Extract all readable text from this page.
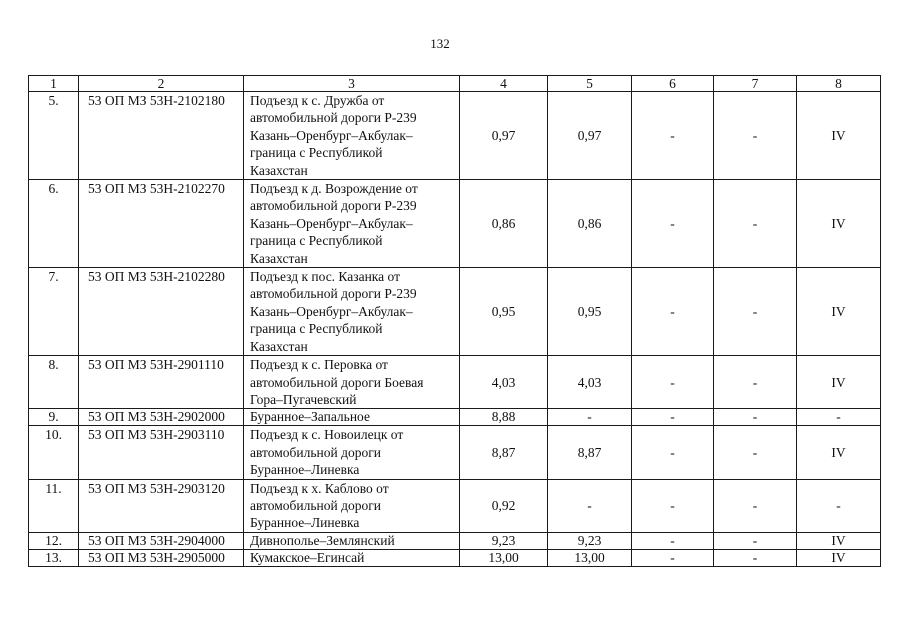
132
1	2	3	4	5	6	7	8
5.	53 ОП МЗ 53Н-2102180	Подъезд к с. Дружба от
автомобильной дороги Р-239
Казань–Оренбург–Акбулак–
граница с Республикой
Казахстан	0,97	0,97	-	-	IV
6.	53 ОП МЗ 53Н-2102270	Подъезд к д. Возрождение от
автомобильной дороги Р-239
Казань–Оренбург–Акбулак–
граница с Республикой
Казахстан	0,86	0,86	-	-	IV
7.	53 ОП МЗ 53Н-2102280	Подъезд к пос. Казанка от
автомобильной дороги Р-239
Казань–Оренбург–Акбулак–
граница с Республикой
Казахстан	0,95	0,95	-	-	IV
8.	53 ОП МЗ 53Н-2901110	Подъезд к с. Перовка от
автомобильной дороги Боевая
Гора–Пугачевский	4,03	4,03	-	-	IV
9.	53 ОП МЗ 53Н-2902000	Буранное–Запальное	8,88	-	-	-	-
10.	53 ОП МЗ 53Н-2903110	Подъезд к с. Новоилецк от
автомобильной дороги
Буранное–Линевка	8,87	8,87	-	-	IV
11.	53 ОП МЗ 53Н-2903120	Подъезд к х. Каблово от
автомобильной дороги
Буранное–Линевка	0,92	-	-	-	-
12.	53 ОП МЗ 53Н-2904000	Дивнополье–Землянский	9,23	9,23	-	-	IV
13.	53 ОП МЗ 53Н-2905000	Кумакское–Егинсай	13,00	13,00	-	-	IV
